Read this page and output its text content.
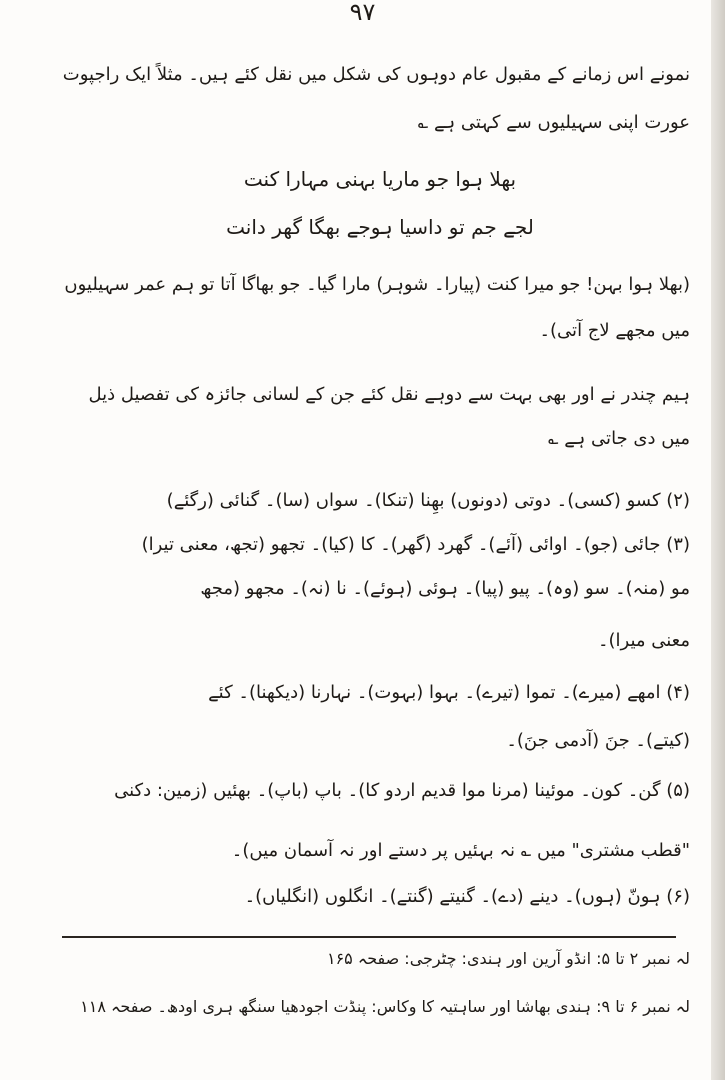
٩٧
نمونے اس زمانے کے مقبول عام دوہوں کی شکل میں نقل کئے ہیں۔ مثلاً ایک راجپوت
عورت اپنی سہیلیوں سے کہتی ہے ؎
بھلا ہوا جو ماریا بہنی مہارا کنت
لجے جم تو داسیا ہوجے بھگا گھر دانت
(بھلا ہوا بہن! جو میرا کنت (پیارا۔ شوہر) مارا گیا۔ جو بھاگا آتا تو ہم عمر سہیلیوں
میں مجھے لاج آتی)۔
ہیم چندر نے اور بھی بہت سے دوہے نقل کئے جن کے لسانی جائزہ کی تفصیل ذیل
میں دی جاتی ہے ؎
(۲) کسو (کسی)۔ دوتی (دونوں) بھِنا (تنکا)۔ سواں (سا)۔ گنائی (رگئے)
(۳) جائی (جو)۔ اوائی (آئے)۔ گھرد (گھر)۔ کا (کیا)۔ تجھو (تجھ، معنی تیرا)
مو (منہ)۔ سو (وہ)۔ پیو (پیا)۔ ہوئی (ہوئے)۔ نا (نہ)۔ مجھو (مجھ
معنی میرا)۔
(۴) امھے (میرے)۔ تموا (تیرے)۔ بہوا (بہوت)۔ نہارنا (دیکھنا)۔ کئے
(کیتے)۔ جنَ (آدمی جنَ)۔
(۵) گن۔ کون۔ موئینا (مرنا موا قدیم اردو کا)۔ باپ (باپ)۔ بھئیں (زمین: دکنی
"قطب مشتری" میں ؎ نہ بہئیں پر دستے اور نہ آسمان میں)۔
(۶) ہونّ (ہوں)۔ دینے (دے)۔ گنیتے (گنتے)۔ انگلوں (انگلیاں)۔
لہ نمبر ۲ تا ۵: انڈو آرین اور ہندی: چٹرجی: صفحہ ۱۶۵
لہ نمبر ۶ تا ۹: ہندی بھاشا اور ساہتیہ کا وکاس: پنڈت اجودھیا سنگھ ہری اودھ۔ صفحہ ۱۱۸
